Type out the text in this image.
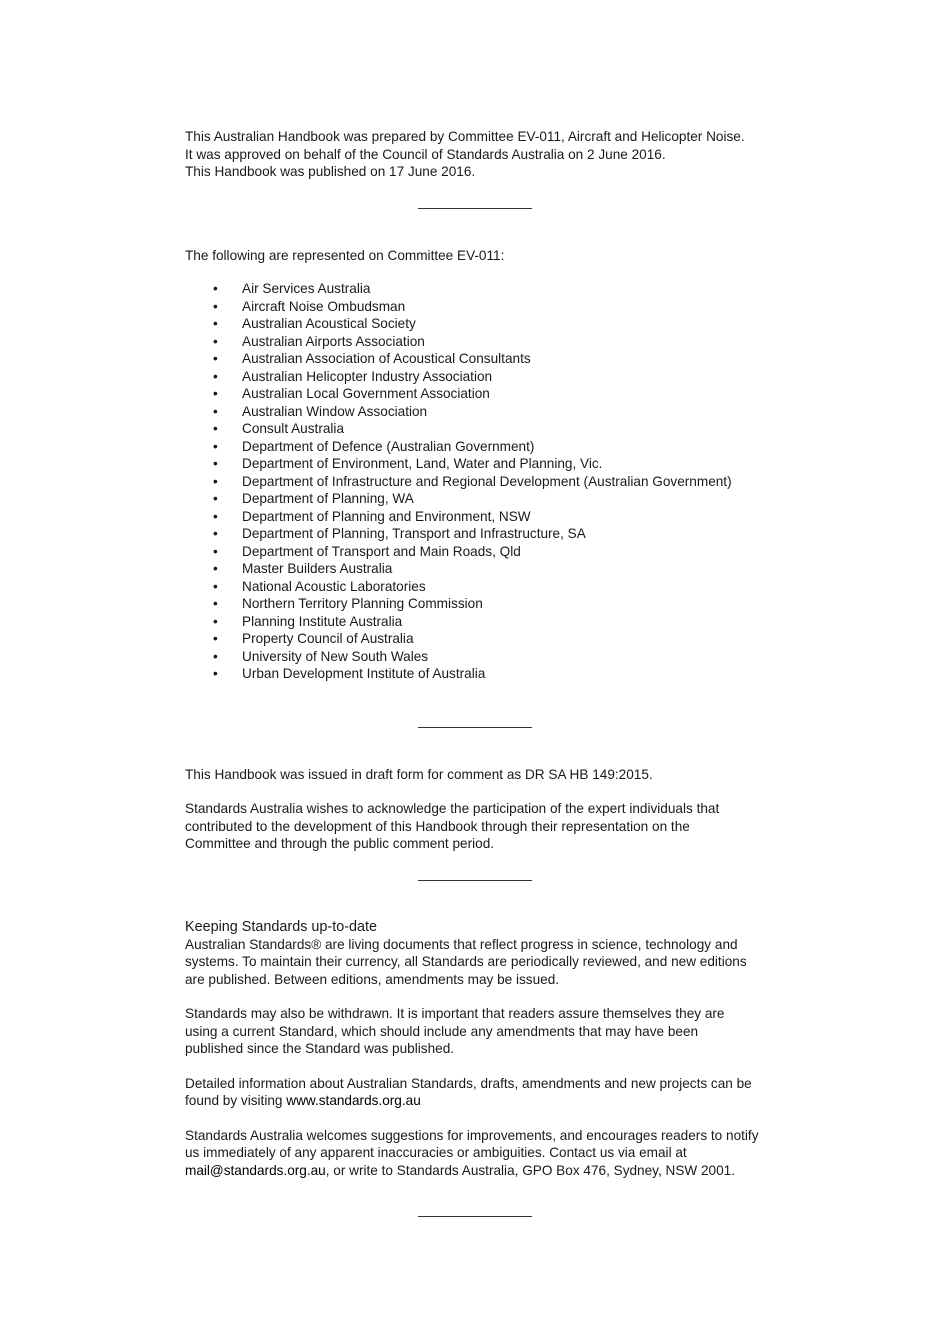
This Australian Handbook was prepared by Committee EV-011, Aircraft and Helicopter Noise.

It was approved on behalf of the Council of Standards Australia on 2 June 2016.

This Handbook was published on 17 June 2016.

The following are represented on Committee EV-011:

• Air Services Australia
• Aircraft Noise Ombudsman
• Australian Acoustical Society
• Australian Airports Association
• Australian Association of Acoustical Consultants
• Australian Helicopter Industry Association
• Australian Local Government Association
• Australian Window Association
• Consult Australia
• Department of Defence (Australian Government)
• Department of Environment, Land, Water and Planning, Vic.
• Department of Infrastructure and Regional Development (Australian Government)
• Department of Planning, WA
• Department of Planning and Environment, NSW
• Department of Planning, Transport and Infrastructure, SA
• Department of Transport and Main Roads, Qld
• Master Builders Australia
• National Acoustic Laboratories
• Northern Territory Planning Commission
• Planning Institute Australia
• Property Council of Australia
• University of New South Wales
• Urban Development Institute of Australia

This Handbook was issued in draft form for comment as DR SA HB 149:2015.

Standards Australia wishes to acknowledge the participation of the expert individuals that contributed to the development of this Handbook through their representation on the Committee and through the public comment period.

Keeping Standards up-to-date

Australian Standards® are living documents that reflect progress in science, technology and systems. To maintain their currency, all Standards are periodically reviewed, and new editions are published. Between editions, amendments may be issued.

Standards may also be withdrawn. It is important that readers assure themselves they are using a current Standard, which should include any amendments that may have been published since the Standard was published.

Detailed information about Australian Standards, drafts, amendments and new projects can be found by visiting www.standards.org.au

Standards Australia welcomes suggestions for improvements, and encourages readers to notify us immediately of any apparent inaccuracies or ambiguities. Contact us via email at mail@standards.org.au, or write to Standards Australia, GPO Box 476, Sydney, NSW 2001.
